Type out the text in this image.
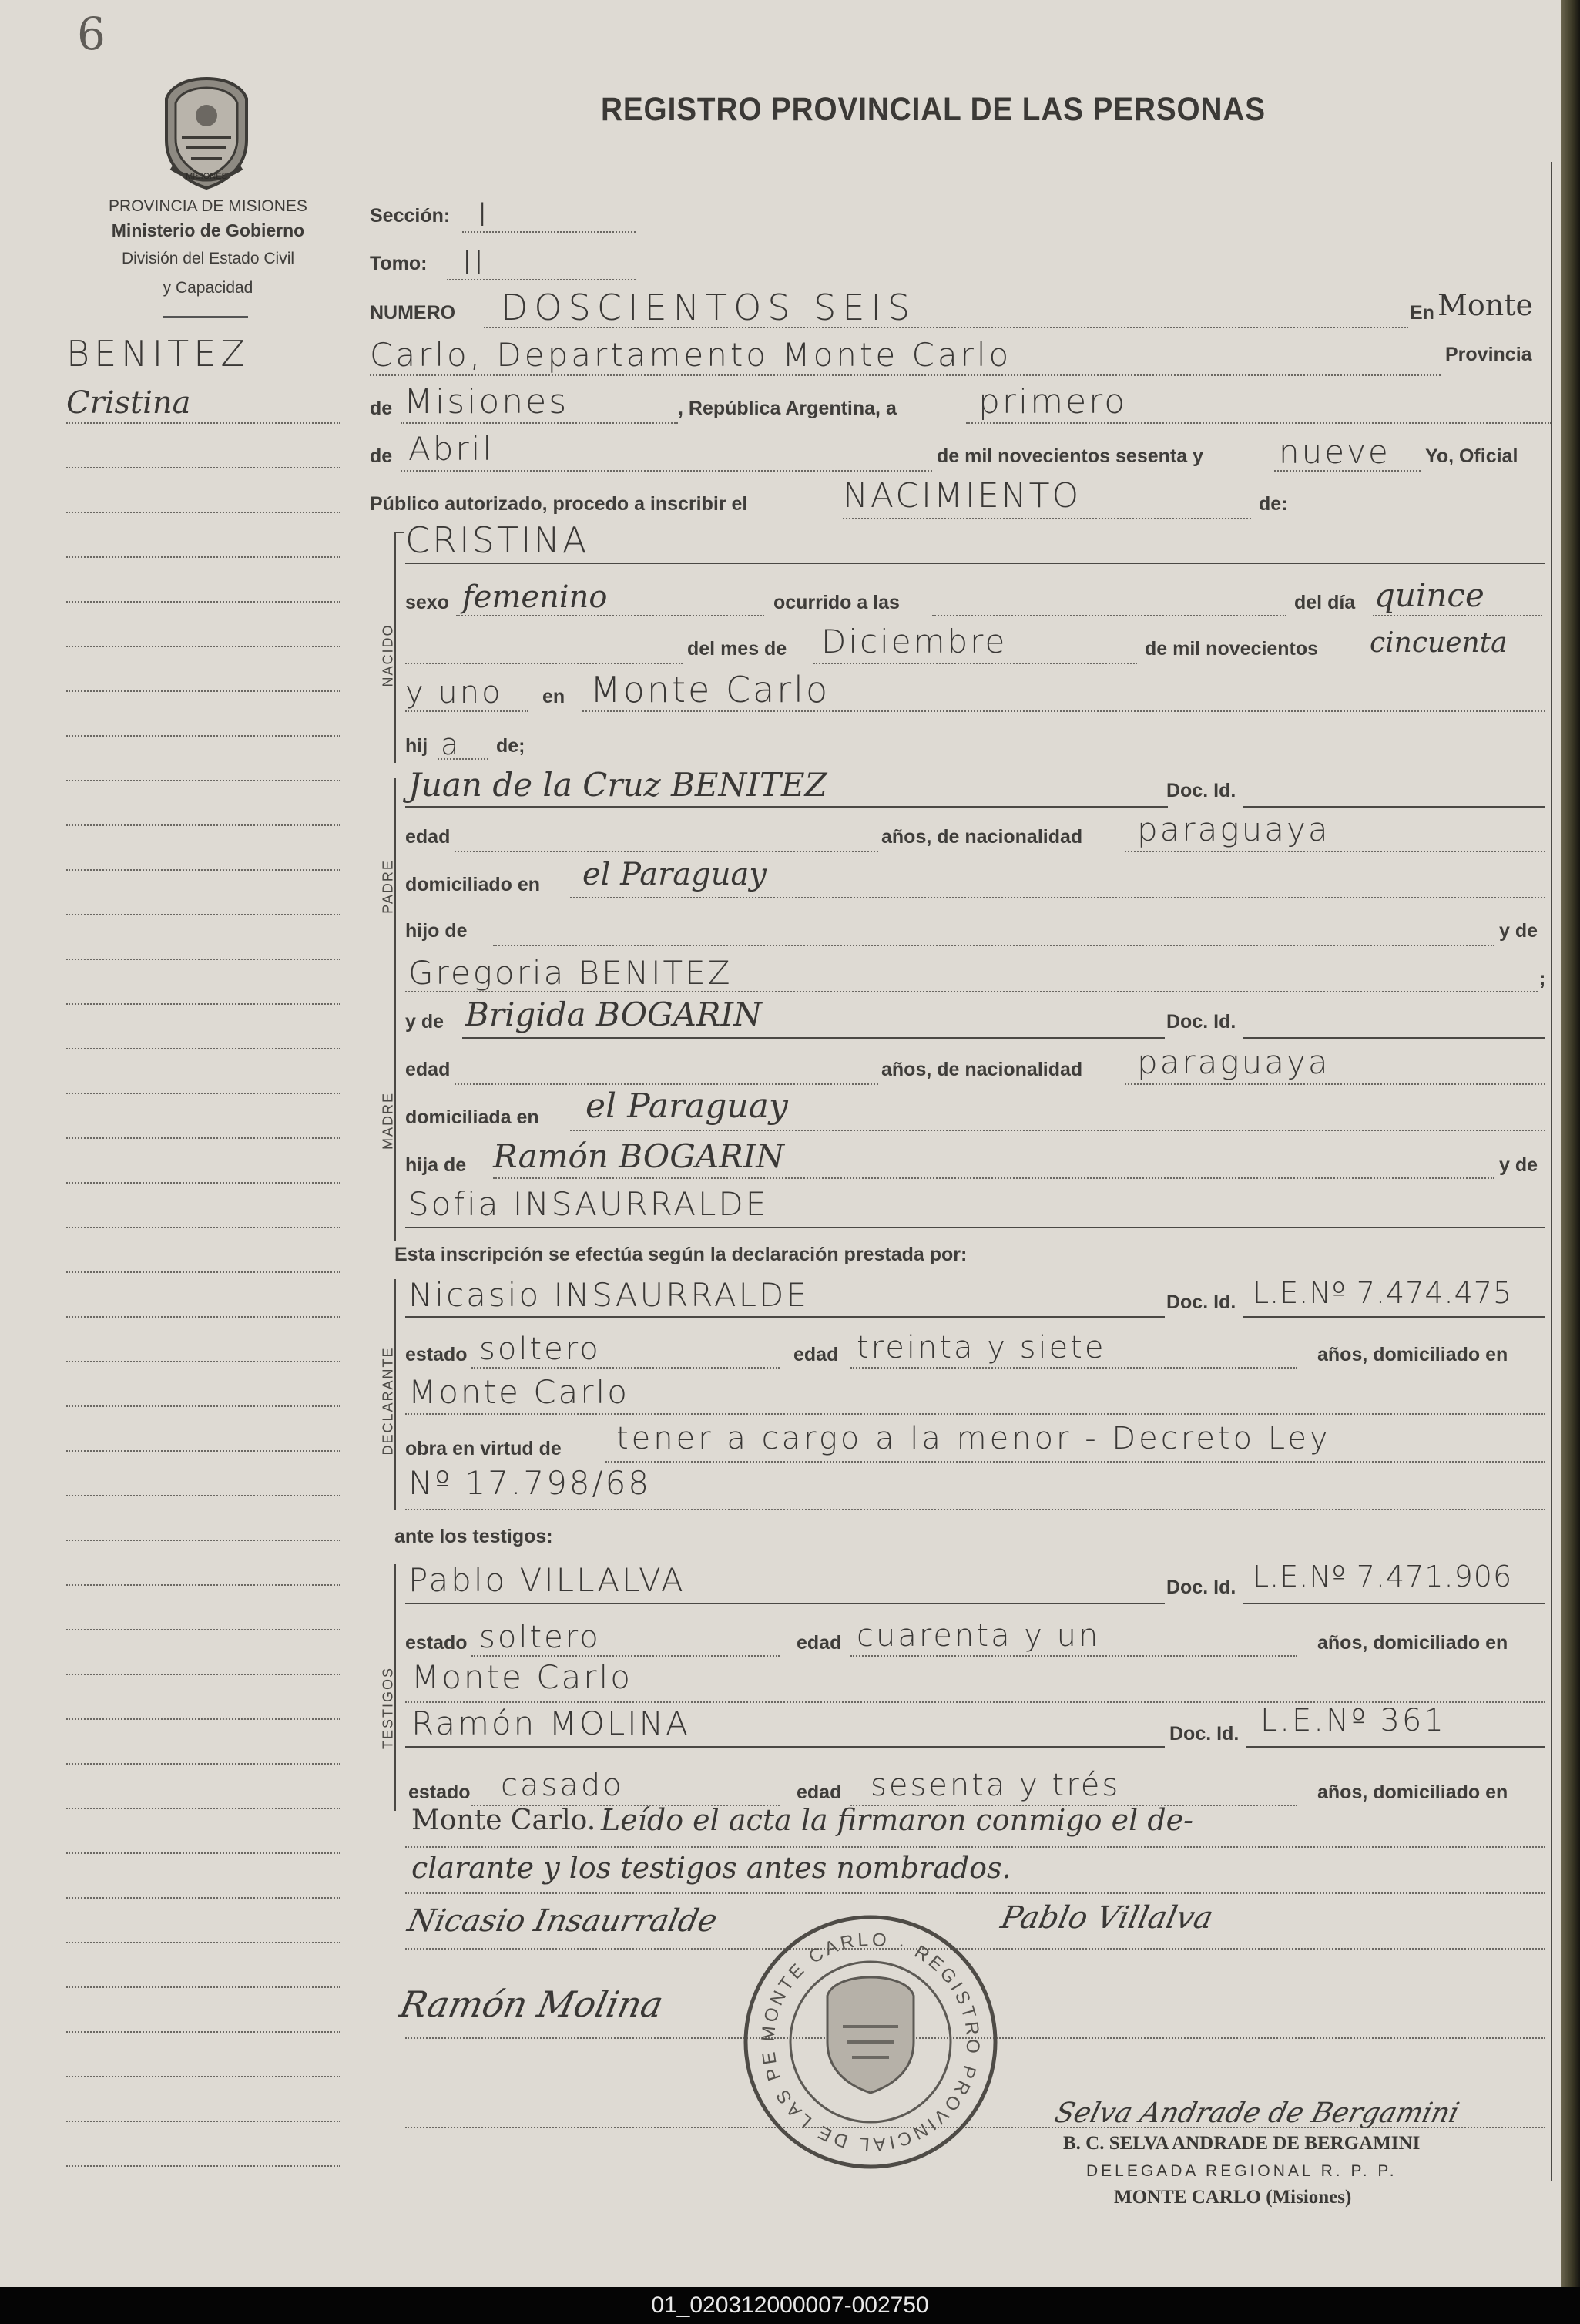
6
MISIONES
PROVINCIA DE MISIONES
Ministerio de Gobierno
División del Estado Civil
y Capacidad
BENITEZ
Cristina
REGISTRO PROVINCIAL DE LAS PERSONAS
Sección: I
Tomo: II
NUMERO DOSCIENTOS SEIS	En Monte
Carlo, Departamento Monte Carlo	Provincia
de Misiones	, República Argentina, a primero
de Abril	de mil novecientos sesenta y nueve Yo, Oficial
Público autorizado, procedo a inscribir el	NACIMIENTO	de:
NACIDO
CRISTINA
sexo femenino	ocurrido a las	del día quince
del mes de Diciembre	de mil novecientos cincuenta
y uno en Monte Carlo
hij a de;
PADRE
Juan de la Cruz BENITEZ	Doc. Id.
edad	años, de nacionalidad paraguaya
domiciliado en el Paraguay
hijo de	y de
Gregoria BENITEZ	;
MADRE
y de Brigida BOGARIN	Doc. Id.
edad	años, de nacionalidad paraguaya
domiciliada en el Paraguay
hija de Ramón BOGARIN	y de
Sofia INSAURRALDE
Esta inscripción se efectúa según la declaración prestada por:
DECLARANTE
Nicasio INSAURRALDE	Doc. Id. L.E.Nº 7.474.475
estado soltero	edad treinta y siete	años, domiciliado en
Monte Carlo
obra en virtud de tener a cargo a la menor - Decreto Ley
Nº 17.798/68
ante los testigos:
TESTIGOS
Pablo VILLALVA	Doc. Id. L.E.Nº 7.471.906
estado soltero	edad cuarenta y un	años, domiciliado en
Monte Carlo
Ramón MOLINA	Doc. Id. L.E.Nº 361
estado casado	edad sesenta y trés	años, domiciliado en
Monte Carlo. Leído el acta la firmaron conmigo el de-
clarante y los testigos antes nombrados.
Nicasio Insaurralde	Pablo Villalva
Ramón Molina
Selva Andrade de Bergamini
MONTE CARLO · REGISTRO PROVINCIAL DE LAS PE
B. C. SELVA ANDRADE DE BERGAMINI
DELEGADA REGIONAL R. P. P.
MONTE CARLO (Misiones)
01_020312000007-002750
